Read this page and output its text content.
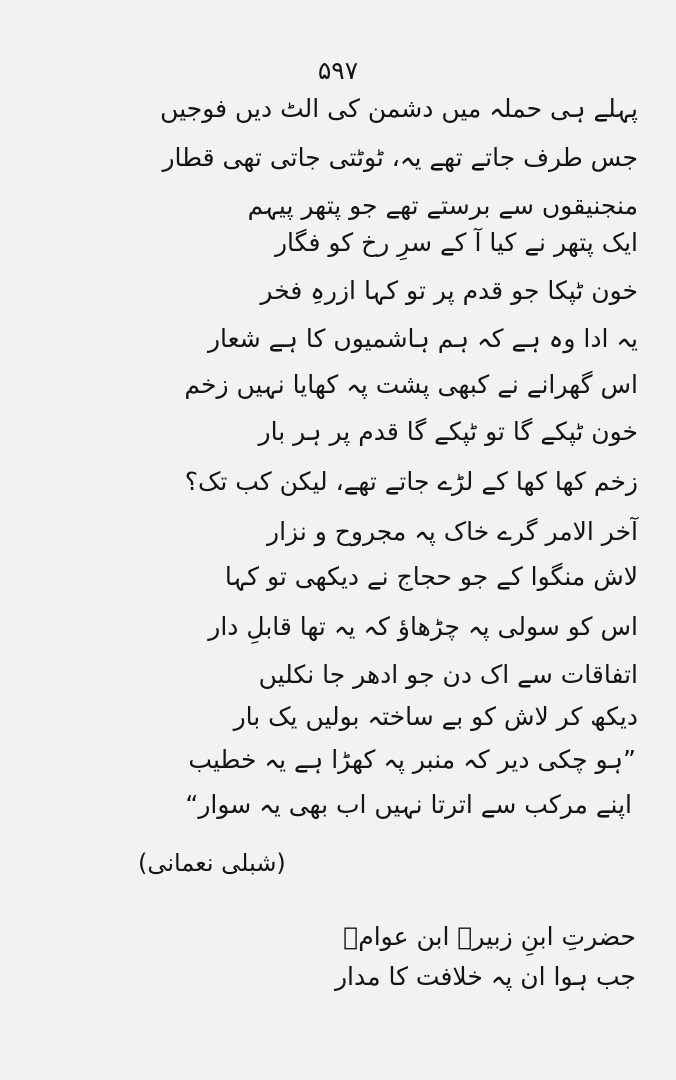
۵۹۷
پہلے ہی حملہ میں دشمن کی الٹ دیں فوجیں
جس طرف جاتے تھے یہ، ٹوٹتی جاتی تھی قطار
منجنیقوں سے برستے تھے جو پتھر پیہم
ایک پتھر نے کیا آ کے سرِ رخ کو فگار
خون ٹپکا جو قدم پر تو کہا ازرہِ فخر
یہ ادا وہ ہے کہ ہم ہاشمیوں کا ہے شعار
اس گھرانے نے کبھی پشت پہ کھایا نہیں زخم
خون ٹپکے گا تو ٹپکے گا قدم پر ہر بار
زخم کھا کھا کے لڑے جاتے تھے، لیکن کب تک؟
آخر الامر گرے خاک پہ مجروح و نزار
لاش منگوا کے جو حجاج نے دیکھی تو کہا
اس کو سولی پہ چڑھاؤ کہ یہ تھا قابلِ دار
اتفاقات سے اک دن جو ادھر جا نکلیں
دیکھ کر لاش کو بے ساختہ بولیں یک بار
”ہو چکی دیر کہ منبر پہ کھڑا ہے یہ خطیب
اپنے مرکب سے اترتا نہیں اب بھی یہ سوار“
(شبلی نعمانی)
حضرتِ ابنِ زبیرؓ ابن عوامؓ
جب ہوا ان پہ خلافت کا مدار
